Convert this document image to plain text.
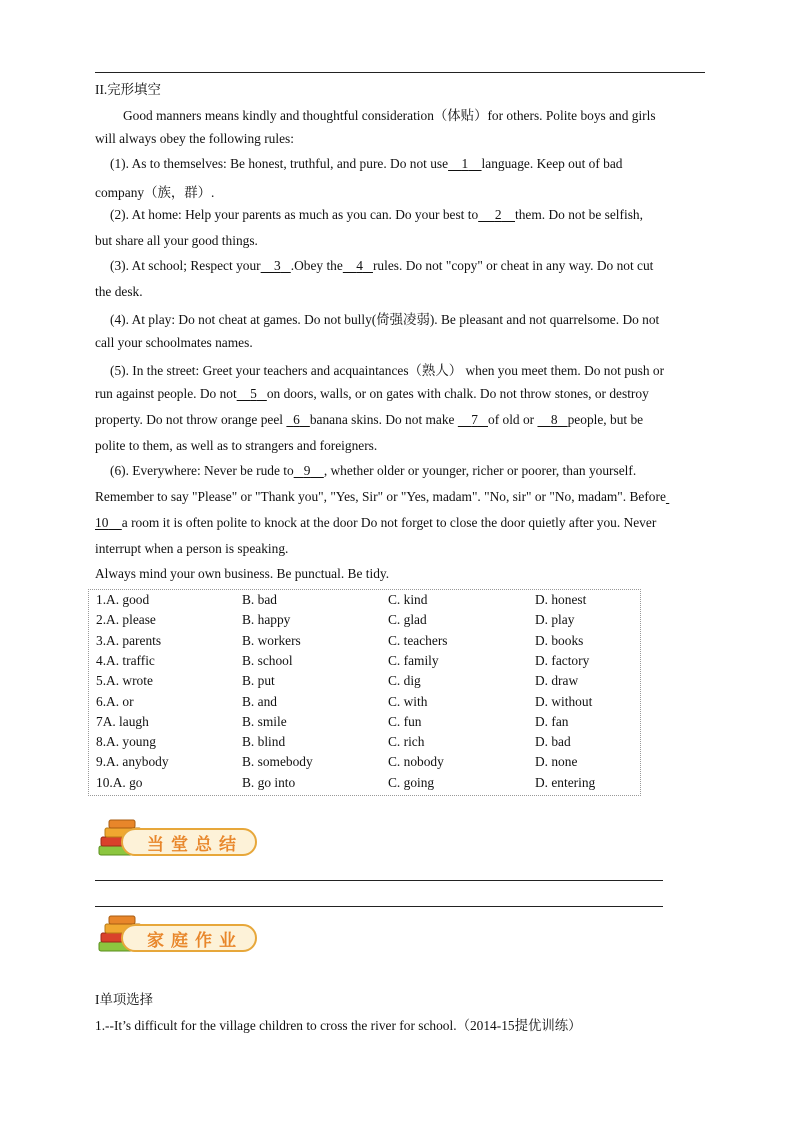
II.完形填空
Good manners means kindly and thoughtful consideration（体贴）for others. Polite boys and girls
will always obey the following rules:
(1). As to themselves: Be honest, truthful, and pure. Do not use 1 language. Keep out of bad
company（族，群）.
(2). At home: Help your parents as much as you can. Do your best to 2 them. Do not be selfish,
but share all your good things.
(3). At school; Respect your 3 .Obey the 4 rules. Do not "copy" or cheat in any way. Do not cut
the desk.
(4). At play: Do not cheat at games. Do not bully(倚强凌弱). Be pleasant and not quarrelsome. Do not
call your schoolmates names.
(5). In the street: Greet your teachers and acquaintances（熟人） when you meet them. Do not push or
run against people. Do not 5 on doors, walls, or on gates with chalk. Do not throw stones, or destroy
property. Do not throw orange peel   6 banana skins. Do not make     7 of old or     8 people, but be
polite to them, as well as to strangers and foreigners.
(6). Everywhere: Never be rude to 9 , whether older or younger, richer or poorer, than yourself.
Remember to say "Please" or "Thank you", "Yes, Sir" or "Yes, madam". "No, sir" or "No, madam". Before
10 a room it is often polite to knock at the door Do not forget to close the door quietly after you. Never
interrupt when a person is speaking.
Always mind your own business. Be punctual. Be tidy.
1.A. good	B. bad	C. kind	D. honest
2.A. please	B. happy	C. glad	D. play
3.A. parents	B. workers	C. teachers	D. books
4.A. traffic	B. school	C. family	D. factory
5.A. wrote	B. put	C. dig	D. draw
6.A. or	B. and	C. with	D. without
7A. laugh	B. smile	C. fun	D. fan
8.A. young	B. blind	C. rich	D. bad
9.A. anybody	B. somebody	C. nobody	D. none
10.A. go	B. go into	C. going	D. entering
当堂总结
家庭作业
I单项选择
1.--It’s difficult for the village children to cross the river for school.（2014-15提优训练）
